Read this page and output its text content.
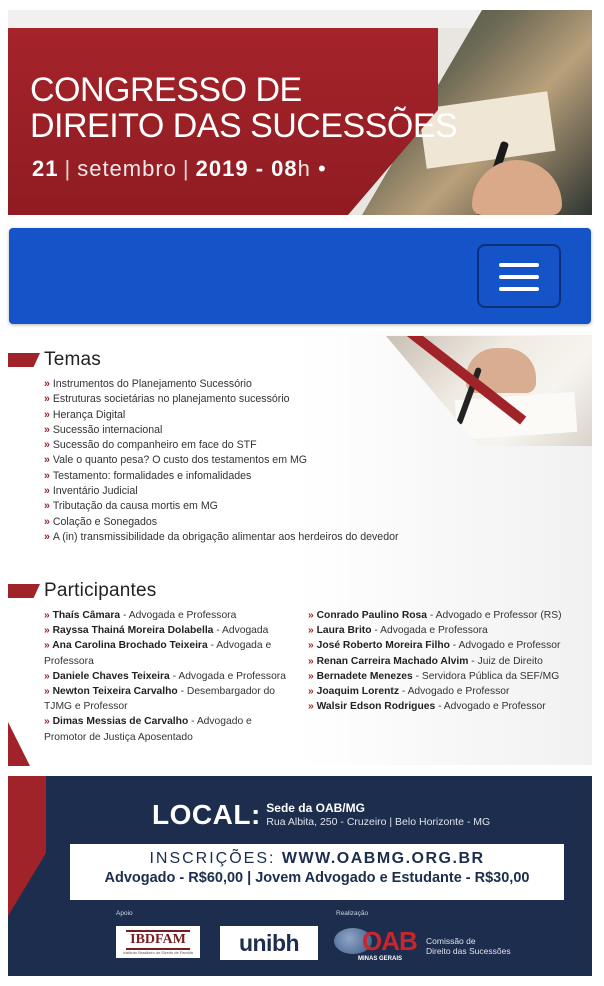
CONGRESSO DE
DIREITO DAS SUCESSÕES
21 | setembro | 2019 - 08h •
Temas
» Instrumentos do Planejamento Sucessório
» Estruturas societárias no planejamento sucessório
» Herança Digital
» Sucessão internacional
» Sucessão do companheiro em face do STF
» Vale o quanto pesa? O custo dos testamentos em MG
» Testamento: formalidades e infomalidades
» Inventário Judicial
» Tributação da causa mortis em MG
» Colação e Sonegados
» A (in) transmissibilidade da obrigação alimentar aos herdeiros do devedor
Participantes
» Thaís Câmara - Advogada e Professora
» Rayssa Thainá Moreira Dolabella - Advogada
» Ana Carolina Brochado Teixeira - Advogada e Professora
» Daniele Chaves Teixeira - Advogada e Professora
» Newton Teixeira Carvalho - Desembargador do TJMG e Professor
» Dimas Messias de Carvalho - Advogado e Promotor de Justiça Aposentado
» Conrado Paulino Rosa - Advogado e Professor (RS)
» Laura Brito - Advogada e Professora
» José Roberto Moreira Filho - Advogado e Professor
» Renan Carreira Machado Alvim - Juiz de Direito
» Bernadete Menezes - Servidora Pública da SEF/MG
» Joaquim Lorentz - Advogado e Professor
» Walsir Edson Rodrigues - Advogado e Professor
LOCAL : Sede da OAB/MG
Rua Albita, 250 - Cruzeiro | Belo Horizonte - MG
INSCRIÇÕES: WWW.OABMG.ORG.BR
Advogado - R$60,00 | Jovem Advogado e Estudante - R$30,00
Apoio	Realização
IBDFAM
Instituto Brasileiro de Direito de Família unibh OAB
MINAS GERAIS
Comissão de
Direito das Sucessões
